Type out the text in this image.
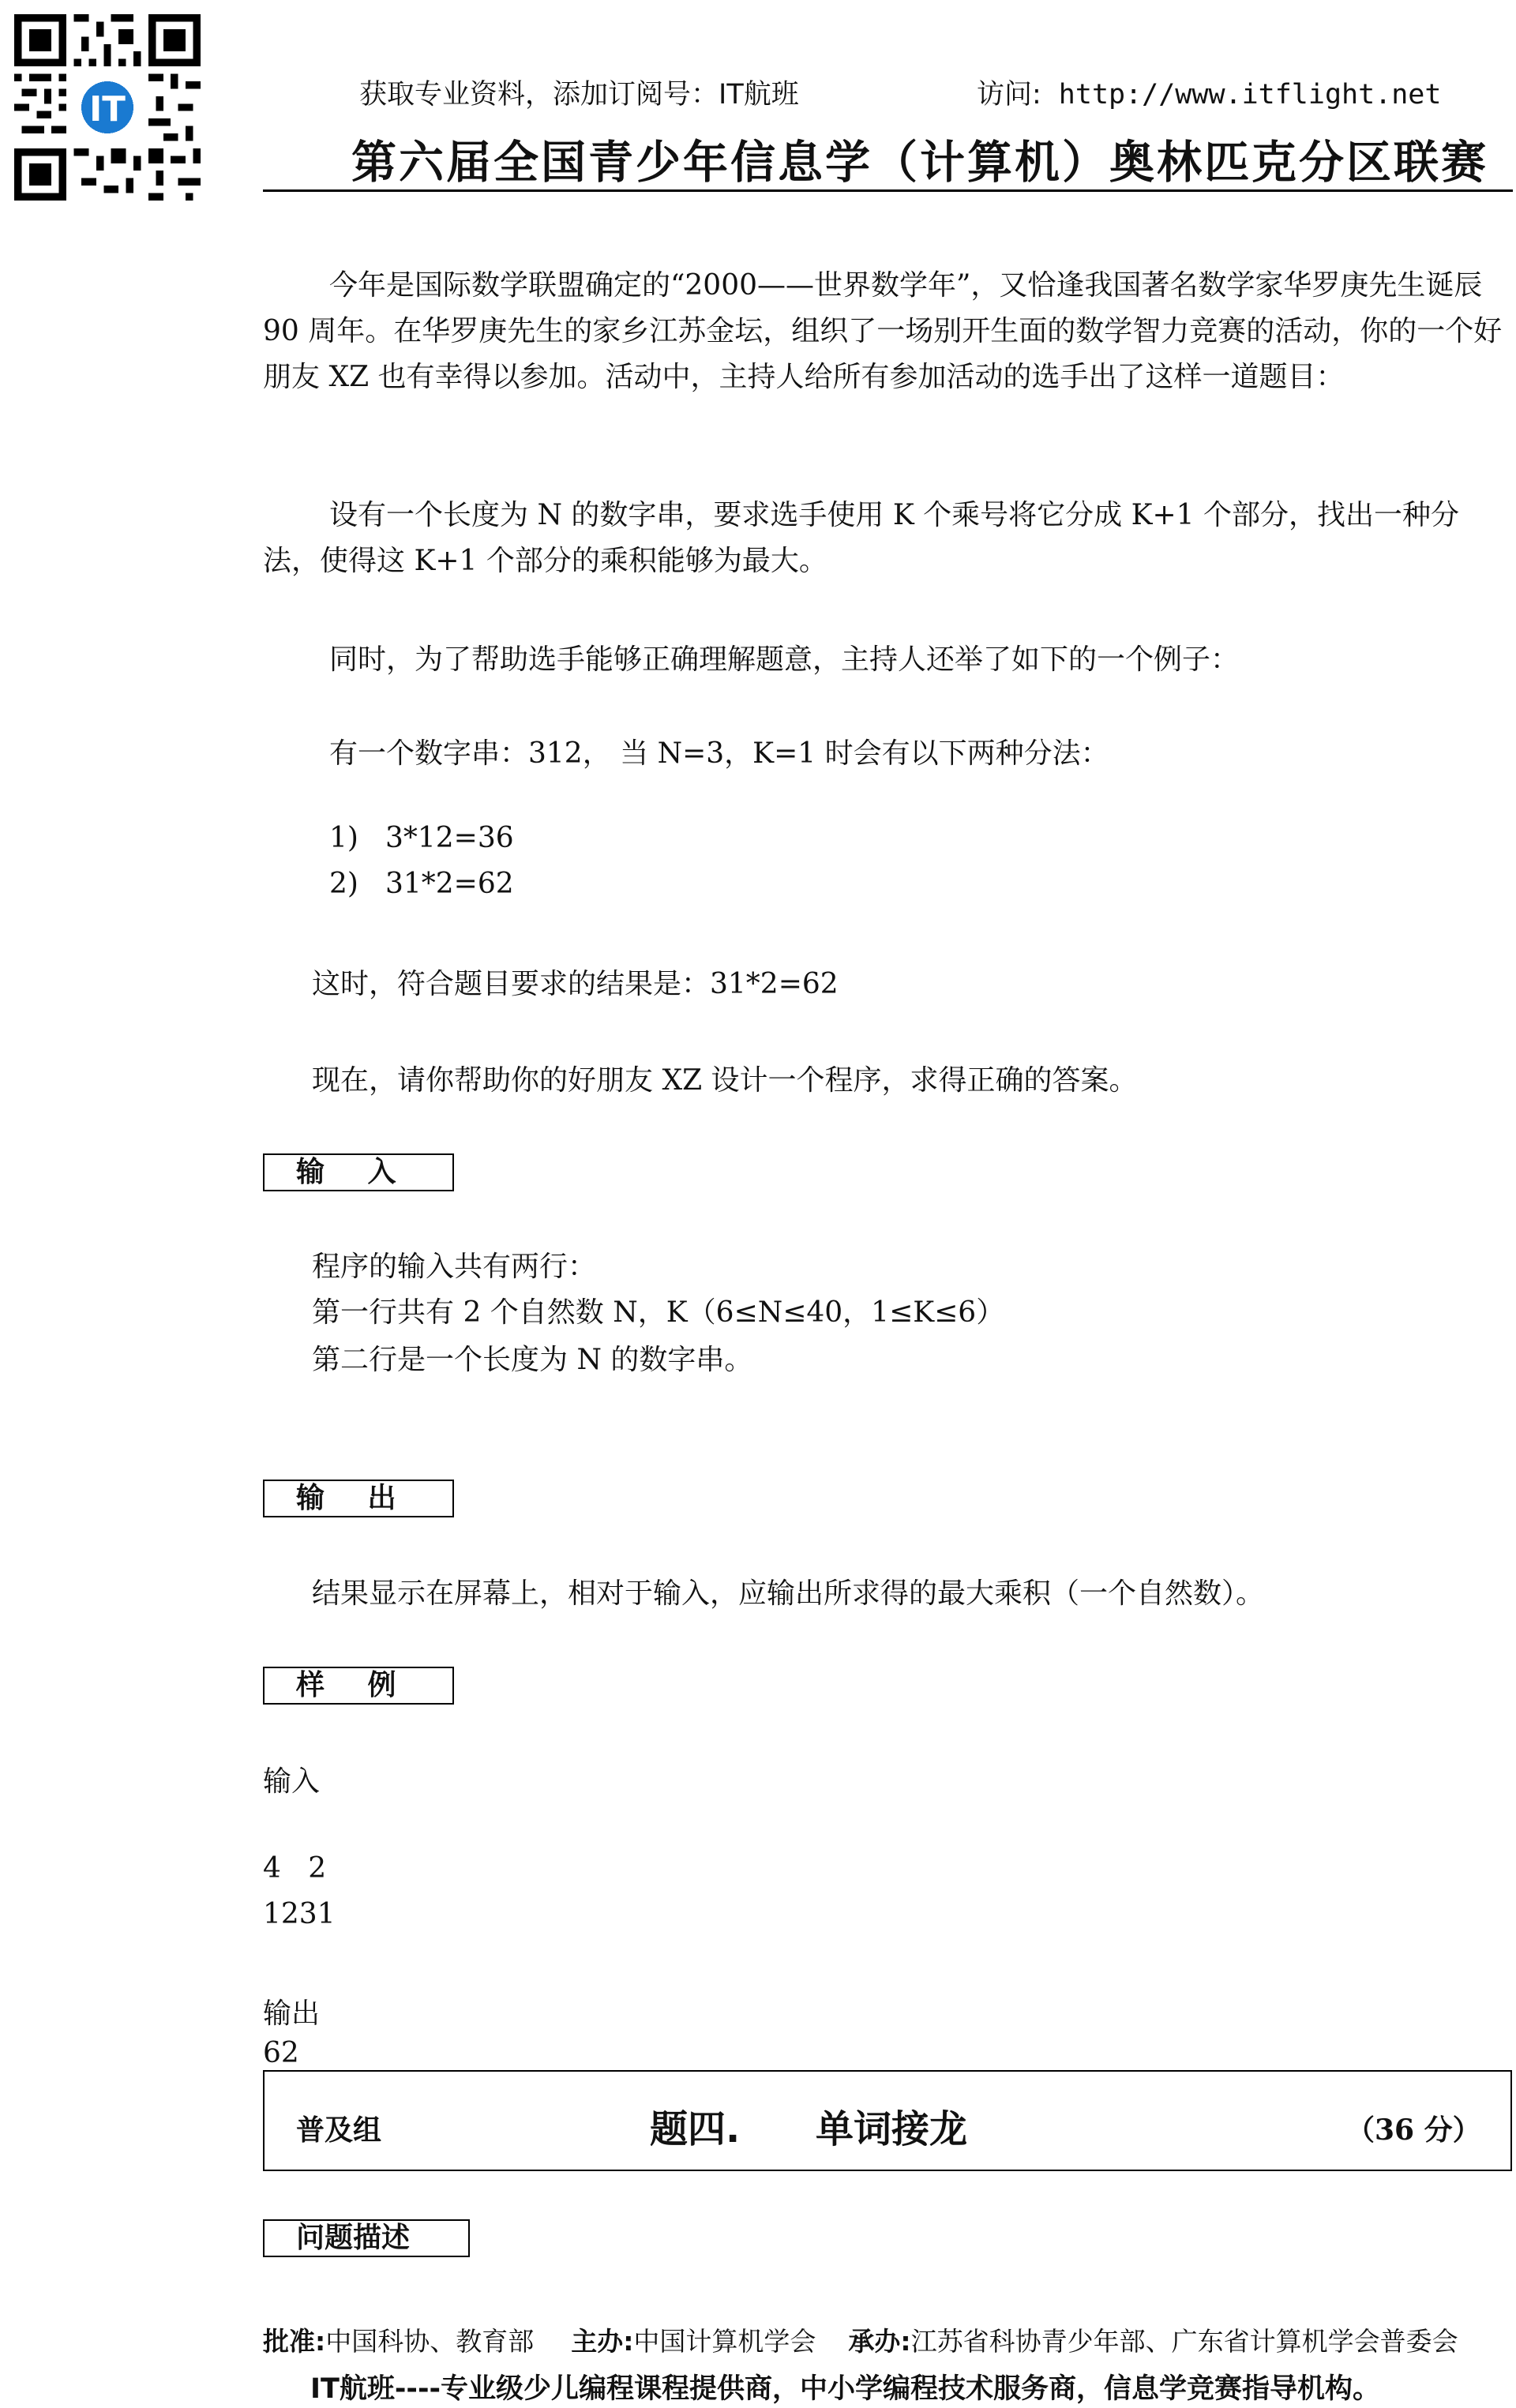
IT	获取专业资料，添加订阅号：IT航班	访问: http://www.itflight.net
第六届全国青少年信息学（计算机）奥林匹克分区联赛
今年是国际数学联盟确定的“2000——世界数学年”，又恰逢我国著名数学家华罗庚先生诞辰 90 周年。在华罗庚先生的家乡江苏金坛，组织了一场别开生面的数学智力竞赛的活动，你的一个好朋友 XZ 也有幸得以参加。活动中，主持人给所有参加活动的选手出了这样一道题目：
设有一个长度为 N 的数字串，要求选手使用 K 个乘号将它分成 K+1 个部分，找出一种分法，使得这 K+1 个部分的乘积能够为最大。
同时，为了帮助选手能够正确理解题意，主持人还举了如下的一个例子：
有一个数字串：312， 当 N=3，K=1 时会有以下两种分法：
1) 3*12=36
2) 31*2=62
这时，符合题目要求的结果是：31*2=62
现在，请你帮助你的好朋友 XZ 设计一个程序，求得正确的答案。
输 入
程序的输入共有两行：
第一行共有 2 个自然数 N，K（6≤N≤40，1≤K≤6）
第二行是一个长度为 N 的数字串。
输 出
结果显示在屏幕上，相对于输入，应输出所求得的最大乘积（一个自然数）。
样 例
输入
4   2
1231
输出
62
普及组	题四. 单词接龙	（36 分）
问题描述
批准:中国科协、教育部 主办:中国计算机学会 承办:江苏省科协青少年部、广东省计算机学会普委会
IT航班----专业级少儿编程课程提供商，中小学编程技术服务商，信息学竞赛指导机构。
